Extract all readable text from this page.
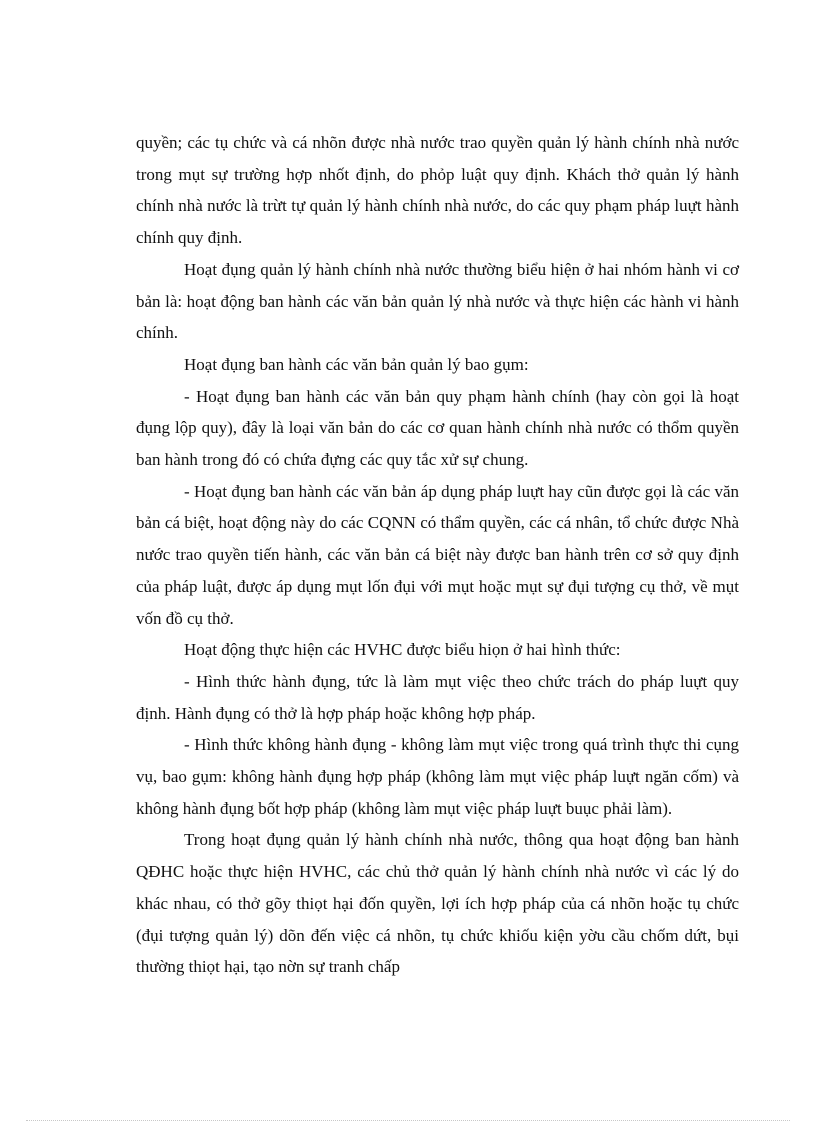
quyền; các tụ chức và cá nhõn được nhà nước trao quyền quản lý hành chính nhà nước trong mụt sự trường hợp nhốt định, do phỏp luật quy định. Khách thở quản lý hành chính nhà nước là trừt tự quản lý hành chính nhà nước, do các quy phạm pháp luựt hành chính quy định.

Hoạt đụng quản lý hành chính nhà nước thường biểu hiện ở hai nhóm hành vi cơ bản là: hoạt động ban hành các văn bản quản lý nhà nước và thực hiện các hành vi hành chính.

Hoạt đụng ban hành các văn bản quản lý bao gụm:

- Hoạt đụng ban hành các văn bản quy phạm hành chính (hay còn gọi là hoạt đụng lộp quy), đây là loại văn bản do các cơ quan hành chính nhà nước có thổm quyền ban hành trong đó có chứa đựng các quy tắc xử sự chung.

- Hoạt đụng ban hành các văn bản áp dụng pháp luựt hay cũn được gọi là các văn bản cá biệt, hoạt động này do các CQNN có thẩm quyền, các cá nhân, tổ chức được Nhà nước trao quyền tiến hành, các văn bản cá biệt này được ban hành trên cơ sở quy định của pháp luật, được áp dụng mụt lốn đụi với mụt hoặc mụt sự đụi tượng cụ thở, về mụt vốn đồ cụ thở.

Hoạt động thực hiện các HVHC được biểu hiọn ở hai hình thức:

- Hình thức hành đụng, tức là làm mụt việc theo chức trách do pháp luựt quy định. Hành đụng có thở là hợp pháp hoặc không hợp pháp.

- Hình thức không hành đụng - không làm mụt việc trong quá trình thực thi cụng vụ, bao gụm: không hành đụng hợp pháp (không làm mụt việc pháp luựt ngăn cốm) và không hành đụng bốt hợp pháp (không làm mụt việc pháp luựt buục phải làm).

Trong hoạt đụng quản lý hành chính nhà nước, thông qua hoạt động ban hành QĐHC hoặc thực hiện HVHC, các chủ thở quản lý hành chính nhà nước vì các lý do khác nhau, có thở gõy thiọt hại đốn quyền, lợi ích hợp pháp của cá nhõn hoặc tụ chức (đụi tượng quản lý) dõn đến việc cá nhõn, tụ chức khiốu kiện yờu cầu chốm dứt, bụi thường thiọt hại, tạo nờn sự tranh chấp
